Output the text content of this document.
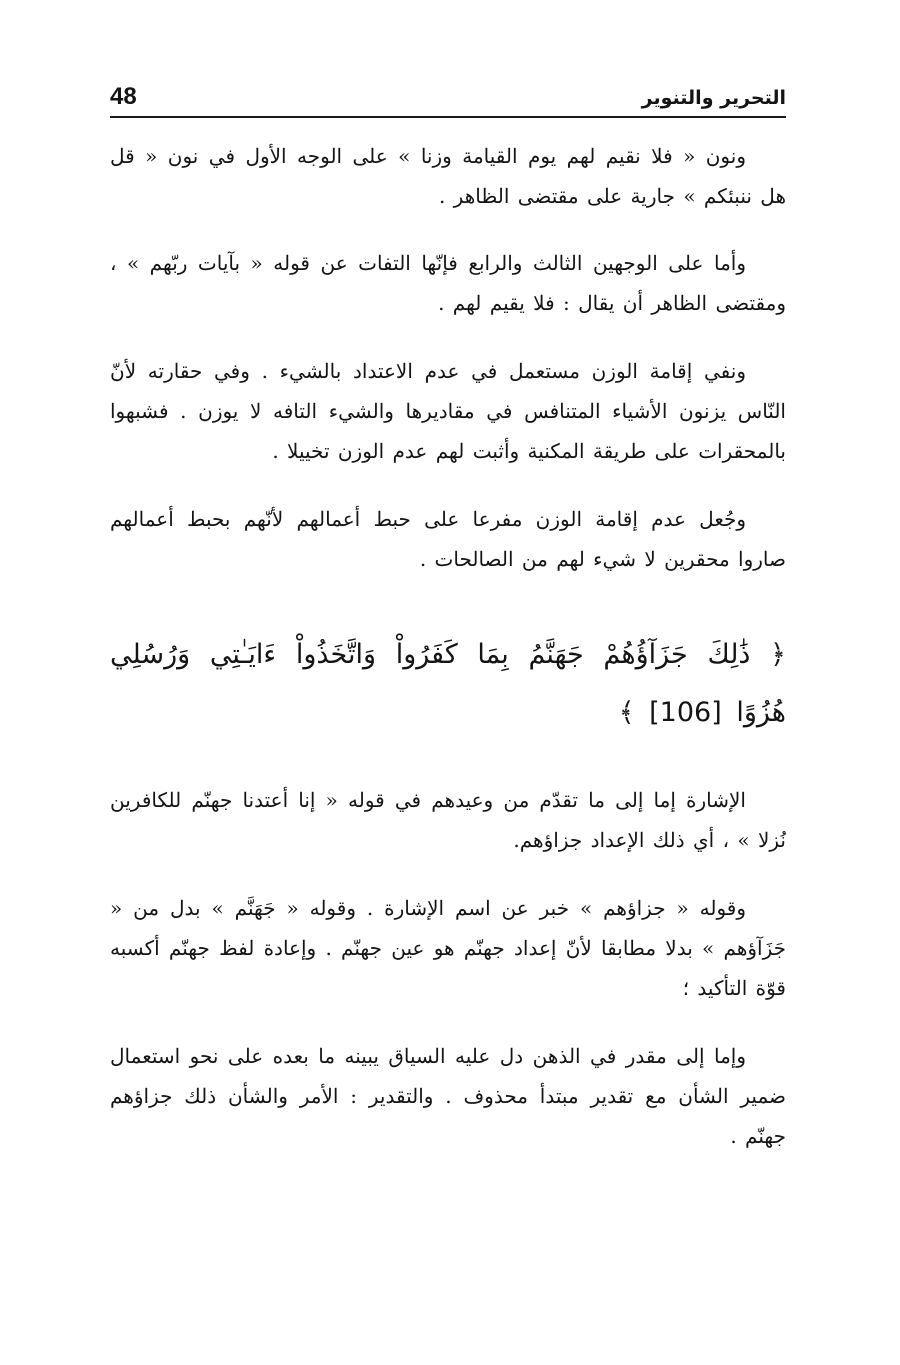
48	التحرير والتنوير

ونون « فلا نقيم لهم يوم القيامة وزنا » على الوجه الأول في نون « قل هل ننبئكم » جارية على مقتضى الظاهر .

وأما على الوجهين الثالث والرابع فإنّها التفات عن قوله « بآيات ربّهم » ، ومقتضى الظاهر أن يقال : فلا يقيم لهم .

ونفي إقامة الوزن مستعمل في عدم الاعتداد بالشيء . وفي حقارته لأنّ النّاس يزنون الأشياء المتنافس في مقاديرها والشيء التافه لا يوزن . فشبهوا بالمحقرات على طريقة المكنية وأثبت لهم عدم الوزن تخييلا .

وجُعل عدم إقامة الوزن مفرعا على حبط أعمالهم لأنّهم بحبط أعمالهم صاروا محقرين لا شيء لهم من الصالحات .

﴿ ذَٰلِكَ جَزَآؤُهُمْ جَهَنَّمُ بِمَا كَفَرُواْ وَاتَّخَذُواْ ءَايَـٰتِي وَرُسُلِي هُزُوًا [106] ﴾

الإشارة إما إلى ما تقدّم من وعيدهم في قوله « إنا أعتدنا جهنّم للكافرين نُزلا » ، أي ذلك الإعداد جزاؤهم.

وقوله « جزاؤهم » خبر عن اسم الإشارة . وقوله « جَهَنَّم » بدل من « جَزَآؤهم » بدلا مطابقا لأنّ إعداد جهنّم هو عين جهنّم . وإعادة لفظ جهنّم أكسبه قوّة التأكيد ؛

وإما إلى مقدر في الذهن دل عليه السياق يبينه ما بعده على نحو استعمال ضمير الشأن مع تقدير مبتدأ محذوف . والتقدير : الأمر والشأن ذلك جزاؤهم جهنّم .
